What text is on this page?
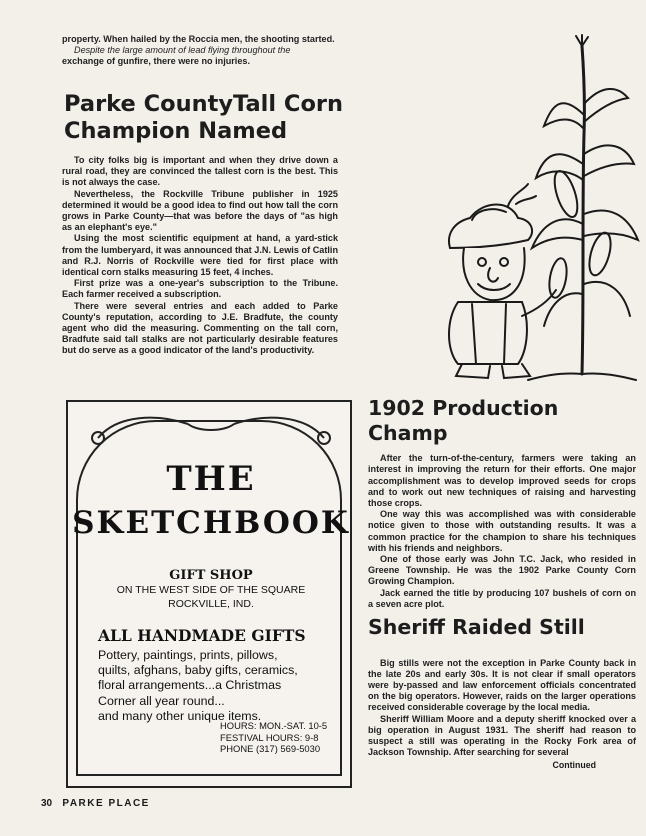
property. When hailed by the Roccia men, the shooting started.

Despite the large amount of lead flying throughout the

exchange of gunfire, there were no injuries.

Parke CountyTall Corn
Champion Named

To city folks big is important and when they drive down a rural road, they are convinced the tallest corn is the best. This is not always the case.

Nevertheless, the Rockville Tribune publisher in 1925 determined it would be a good idea to find out how tall the corn grows in Parke County—that was before the days of "as high as an elephant's eye."

Using the most scientific equipment at hand, a yard-stick from the lumberyard, it was announced that J.N. Lewis of Catlin and R.J. Norris of Rockville were tied for first place with identical corn stalks measuring 15 feet, 4 inches.

First prize was a one-year's subscription to the Tribune. Each farmer received a subscription.

There were several entries and each added to Parke County's reputation, according to J.E. Bradfute, the county agent who did the measuring. Commenting on the tall corn, Bradfute said tall stalks are not particularly desirable features but do serve as a good indicator of the land's productivity.

THE
SKETCHBOOK
GIFT SHOP
ON THE WEST SIDE OF THE SQUARE
ROCKVILLE, IND.
ALL HANDMADE GIFTS
Pottery, paintings, prints, pillows,
quilts, afghans, baby gifts, ceramics,
floral arrangements...a Christmas
Corner all year round...
and many other unique items.
HOURS: MON.-SAT. 10-5
FESTIVAL HOURS: 9-8
PHONE (317) 569-5030
1902 Production Champ

After the turn-of-the-century, farmers were taking an interest in improving the return for their efforts. One major accomplishment was to develop improved seeds for crops and to work out new techniques of raising and harvesting those crops.

One way this was accomplished was with considerable notice given to those with outstanding results. It was a common practice for the champion to share his techniques with his friends and neighbors.

One of those early was John T.C. Jack, who resided in Greene Township. He was the 1902 Parke County Corn Growing Champion.

Jack earned the title by producing 107 bushels of corn on a seven acre plot.

Sheriff Raided Still

Big stills were not the exception in Parke County back in the late 20s and early 30s. It is not clear if small operators were by-passed and law enforcement officials concentrated on the big operators. However, raids on the larger operations received considerable coverage by the local media.

Sheriff William Moore and a deputy sheriff knocked over a big operation in August 1931. The sheriff had reason to suspect a still was operating in the Rocky Fork area of Jackson Township. After searching for several

Continued
30 PARKE PLACE
